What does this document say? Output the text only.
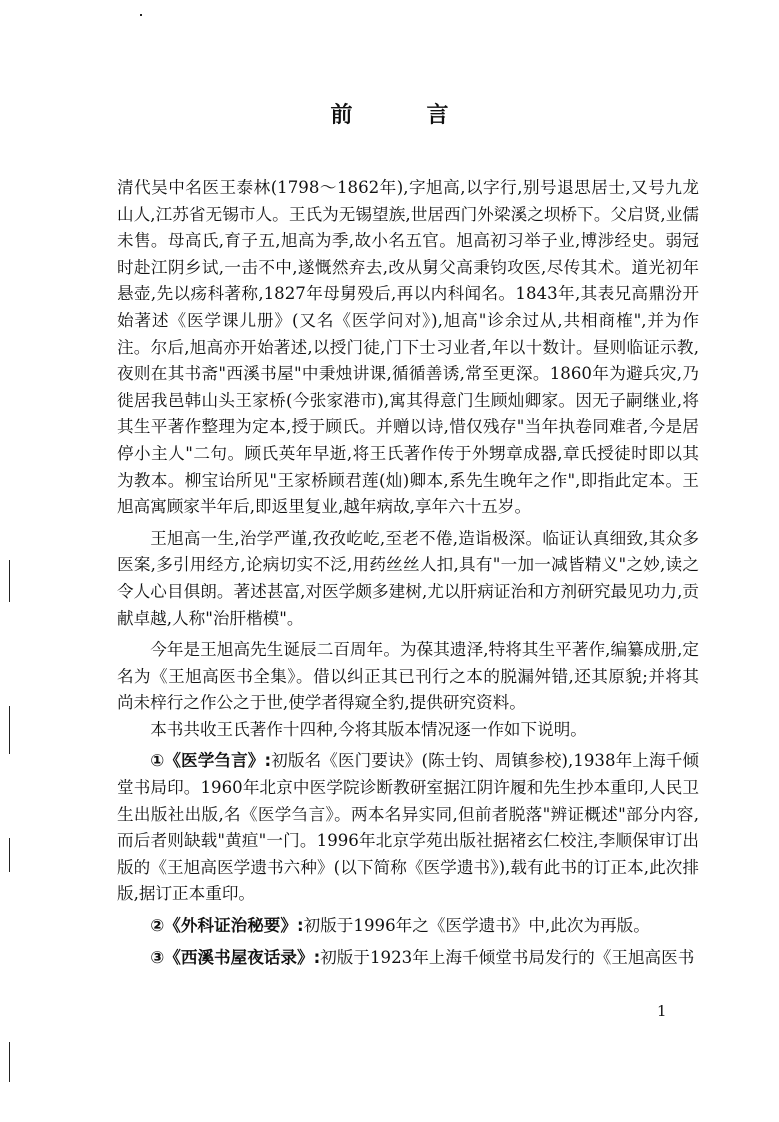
前　言

清代吴中名医王泰林(1798～1862年),字旭高,以字行,别号退思居士,又号九龙山人,江苏省无锡市人。王氏为无锡望族,世居西门外梁溪之坝桥下。父启贤,业儒未售。母高氏,育子五,旭高为季,故小名五官。旭高初习举子业,博涉经史。弱冠时赴江阴乡试,一击不中,遂慨然弃去,改从舅父高秉钧攻医,尽传其术。道光初年悬壶,先以疡科著称,1827年母舅殁后,再以内科闻名。1843年,其表兄高鼎汾开始著述《医学课儿册》(又名《医学问对》),旭高"诊余过从,共相商榷",并为作注。尔后,旭高亦开始著述,以授门徒,门下士习业者,年以十数计。昼则临证示教,夜则在其书斋"西溪书屋"中秉烛讲课,循循善诱,常至更深。1860年为避兵灾,乃徙居我邑韩山头王家桥(今张家港市),寓其得意门生顾灿卿家。因无子嗣继业,将其生平著作整理为定本,授于顾氏。并赠以诗,惜仅残存"当年执卷同难者,今是居停小主人"二句。顾氏英年早逝,将王氏著作传于外甥章成器,章氏授徒时即以其为教本。柳宝诒所见"王家桥顾君莲(灿)卿本,系先生晚年之作",即指此定本。王旭高寓顾家半年后,即返里复业,越年病故,享年六十五岁。

王旭高一生,治学严谨,孜孜屹屹,至老不倦,造诣极深。临证认真细致,其众多医案,多引用经方,论病切实不泛,用药丝丝人扣,具有"一加一减皆精义"之妙,读之令人心目俱朗。著述甚富,对医学颇多建树,尤以肝病证治和方剂研究最见功力,贡献卓越,人称"治肝楷模"。

今年是王旭高先生诞辰二百周年。为葆其遗泽,特将其生平著作,编纂成册,定名为《王旭高医书全集》。借以纠正其已刊行之本的脱漏舛错,还其原貌;并将其尚未梓行之作公之于世,使学者得窥全豹,提供研究资料。

本书共收王氏著作十四种,今将其版本情况逐一作如下说明。

①《医学刍言》:初版名《医门要诀》(陈士钧、周镇参校),1938年上海千倾堂书局印。1960年北京中医学院诊断教研室据江阴许履和先生抄本重印,人民卫生出版社出版,名《医学刍言》。两本名异实同,但前者脱落"辨证概述"部分内容,而后者则缺载"黄疸"一门。1996年北京学苑出版社据褚玄仁校注,李顺保审订出版的《王旭高医学遗书六种》(以下简称《医学遗书》),载有此书的订正本,此次排版,据订正本重印。

②《外科证治秘要》:初版于1996年之《医学遗书》中,此次为再版。

③《西溪书屋夜话录》:初版于1923年上海千倾堂书局发行的《王旭高医书

1
